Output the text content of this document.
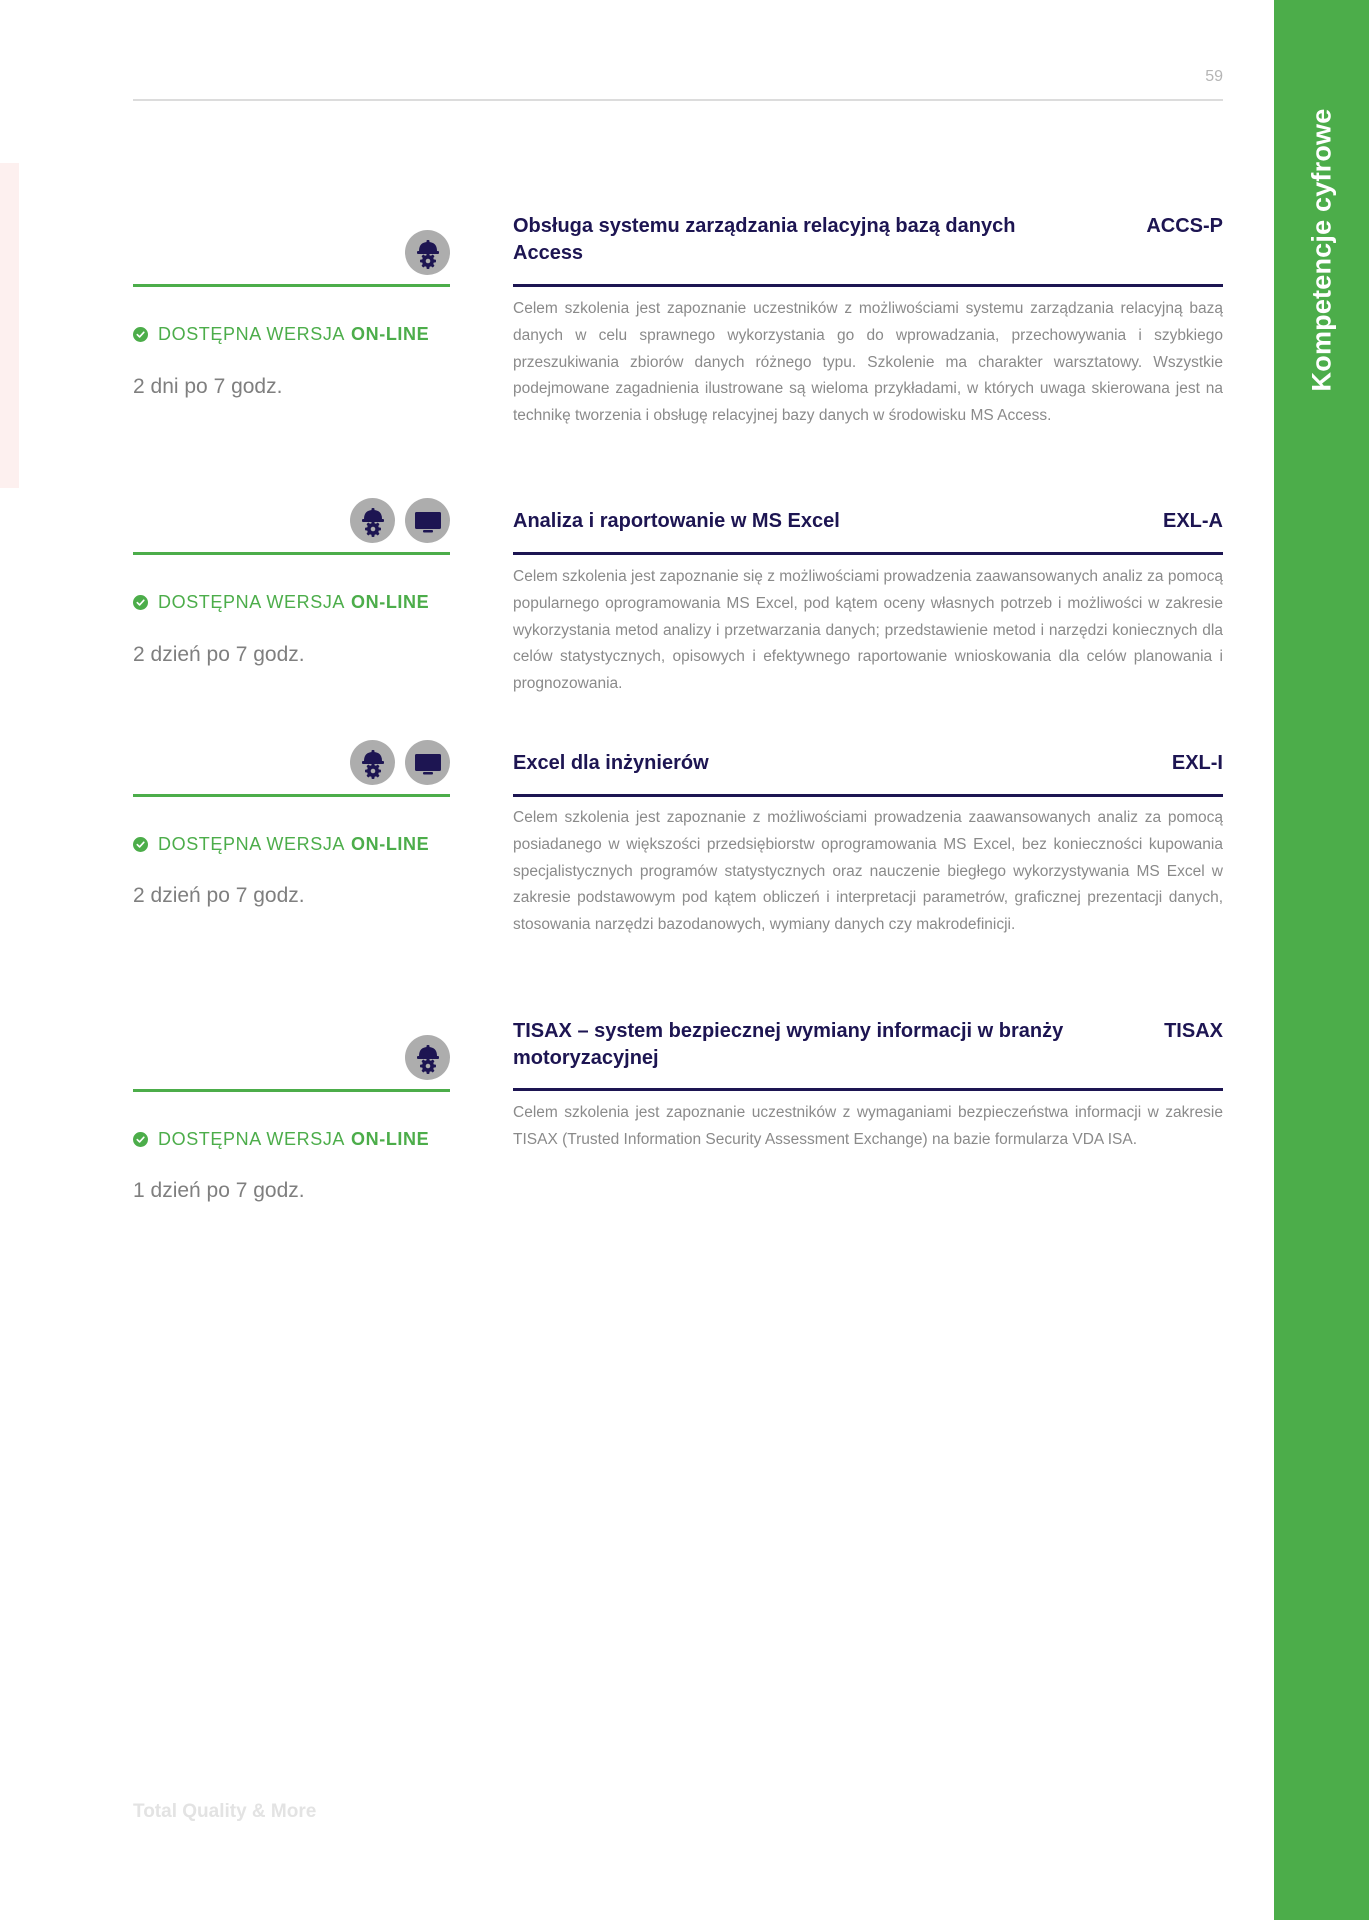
Kompetencje cyfrowe
59
DOSTĘPNA WERSJA ON-LINE
2 dni po 7 godz.
Obsługa systemu zarządzania relacyjną bazą danych Access
ACCS-P

Celem szkolenia jest zapoznanie uczestników z możliwościami systemu zarządzania relacyjną bazą danych w celu sprawnego wykorzystania go do wprowadzania, przechowywania i szybkiego przeszukiwania zbiorów danych różnego typu. Szkolenie ma charakter warsztatowy. Wszystkie podejmowane zagadnienia ilustrowane są wieloma przykładami, w których uwaga skierowana jest na technikę tworzenia i obsługę relacyjnej bazy danych w środowisku MS Access.

DOSTĘPNA WERSJA ON-LINE
2 dzień po 7 godz.
Analiza i raportowanie w MS Excel	EXL-A

Celem szkolenia jest zapoznanie się z możliwościami prowadzenia zaawansowanych analiz za pomocą popularnego oprogramowania MS Excel, pod kątem oceny własnych potrzeb i możliwości w zakresie wykorzystania metod analizy i przetwarzania danych; przedstawienie metod i narzędzi koniecznych dla celów statystycznych, opisowych i efektywnego raportowanie wnioskowania dla celów planowania i prognozowania.

DOSTĘPNA WERSJA ON-LINE
2 dzień po 7 godz.
Excel dla inżynierów	EXL-I

Celem szkolenia jest zapoznanie z możliwościami prowadzenia zaawansowanych analiz za pomocą posiadanego w większości przedsiębiorstw oprogramowania MS Excel, bez konieczności kupowania specjalistycznych programów statystycznych oraz nauczenie biegłego wykorzystywania MS Excel w zakresie podstawowym pod kątem obliczeń i interpretacji parametrów, graficznej prezentacji danych, stosowania narzędzi bazodanowych, wymiany danych czy makrodefinicji.

DOSTĘPNA WERSJA ON-LINE
1 dzień po 7 godz.
TISAX – system bezpiecznej wymiany informacji w branży motoryzacyjnej
TISAX

Celem szkolenia jest zapoznanie uczestników z wymaganiami bezpieczeństwa informacji w zakresie TISAX (Trusted Information Security Assessment Exchange) na bazie formularza VDA ISA.

Total Quality & More
